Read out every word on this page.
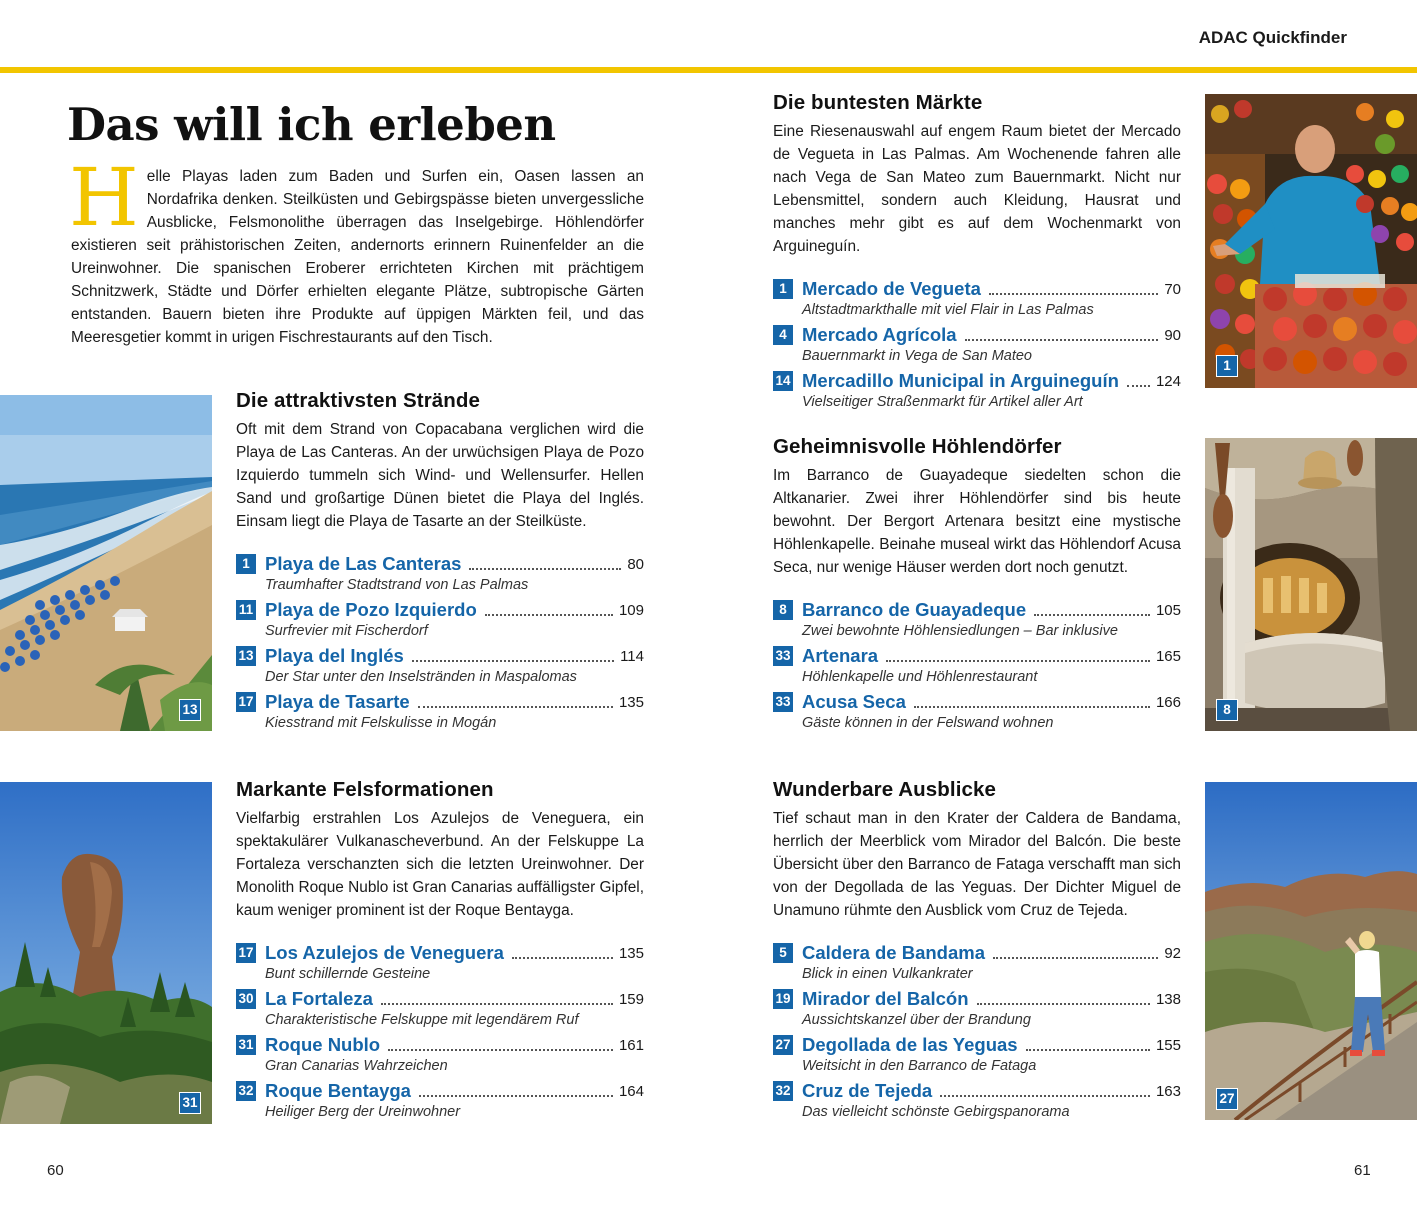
ADAC Quickfinder
Das will ich erleben
Helle Playas laden zum Baden und Surfen ein, Oasen lassen an Nordafrika denken. Steilküsten und Gebirgspässe bieten unvergessliche Ausblicke, Felsmonolithe überragen das Inselgebirge. Höhlendörfer existieren seit prähistorischen Zeiten, andernorts erinnern Ruinenfelder an die Ureinwohner. Die spanischen Eroberer errichteten Kirchen mit prächtigem Schnitzwerk, Städte und Dörfer erhielten elegante Plätze, subtropische Gärten entstanden. Bauern bieten ihre Produkte auf üppigen Märkten feil, und das Meeresgetier kommt in urigen Fischrestaurants auf den Tisch.
13
Die attraktivsten Strände

Oft mit dem Strand von Copacabana verglichen wird die Playa de Las Canteras. An der urwüchsigen Playa de Pozo Izquierdo tummeln sich Wind- und Wellensurfer. Hellen Sand und großartige Dünen bietet die Playa del Inglés. Einsam liegt die Playa de Tasarte an der Steilküste.

1 Playa de Las Canteras	80
Traumhafter Stadtstrand von Las Palmas
11 Playa de Pozo Izquierdo	109
Surfrevier mit Fischerdorf
13 Playa del Inglés	114
Der Star unter den Inselstränden in Maspalomas
17 Playa de Tasarte	135
Kiesstrand mit Felskulisse in Mogán
31
Markante Felsformationen

Vielfarbig erstrahlen Los Azulejos de Veneguera, ein spektakulärer Vulkanascheverbund. An der Felskuppe La Fortaleza verschanzten sich die letzten Ureinwohner. Der Monolith Roque Nublo ist Gran Canarias auffälligster Gipfel, kaum weniger prominent ist der Roque Bentayga.

17 Los Azulejos de Veneguera	135
Bunt schillernde Gesteine
30 La Fortaleza	159
Charakteristische Felskuppe mit legendärem Ruf
31 Roque Nublo	161
Gran Canarias Wahrzeichen
32 Roque Bentayga	164
Heiliger Berg der Ureinwohner
Die buntesten Märkte

Eine Riesenauswahl auf engem Raum bietet der Mercado de Vegueta in Las Palmas. Am Wochenende fahren alle nach Vega de San Mateo zum Bauernmarkt. Nicht nur Lebensmittel, sondern auch Kleidung, Hausrat und manches mehr gibt es auf dem Wochenmarkt von Arguineguín.

1 Mercado de Vegueta	70
Altstadtmarkthalle mit viel Flair in Las Palmas
4 Mercado Agrícola	90
Bauernmarkt in Vega de San Mateo
14 Mercadillo Municipal in Arguineguín 124
Vielseitiger Straßenmarkt für Artikel aller Art
1
Geheimnisvolle Höhlendörfer

Im Barranco de Guayadeque siedelten schon die Altkanarier. Zwei ihrer Höhlendörfer sind bis heute bewohnt. Der Bergort Artenara besitzt eine mystische Höhlenkapelle. Beinahe museal wirkt das Höhlendorf Acusa Seca, nur wenige Häuser werden dort noch genutzt.

8 Barranco de Guayadeque	105
Zwei bewohnte Höhlensiedlungen – Bar inklusive
33 Artenara	165
Höhlenkapelle und Höhlenrestaurant
33 Acusa Seca	166
Gäste können in der Felswand wohnen
8
Wunderbare Ausblicke

Tief schaut man in den Krater der Caldera de Bandama, herrlich der Meerblick vom Mirador del Balcón. Die beste Übersicht über den Barranco de Fataga verschafft man sich von der Degollada de las Yeguas. Der Dichter Miguel de Unamuno rühmte den Ausblick vom Cruz de Tejeda.

5 Caldera de Bandama	92
Blick in einen Vulkankrater
19 Mirador del Balcón	138
Aussichtskanzel über der Brandung
27 Degollada de las Yeguas	155
Weitsicht in den Barranco de Fataga
32 Cruz de Tejeda	163
Das vielleicht schönste Gebirgspanorama
27
60	61
